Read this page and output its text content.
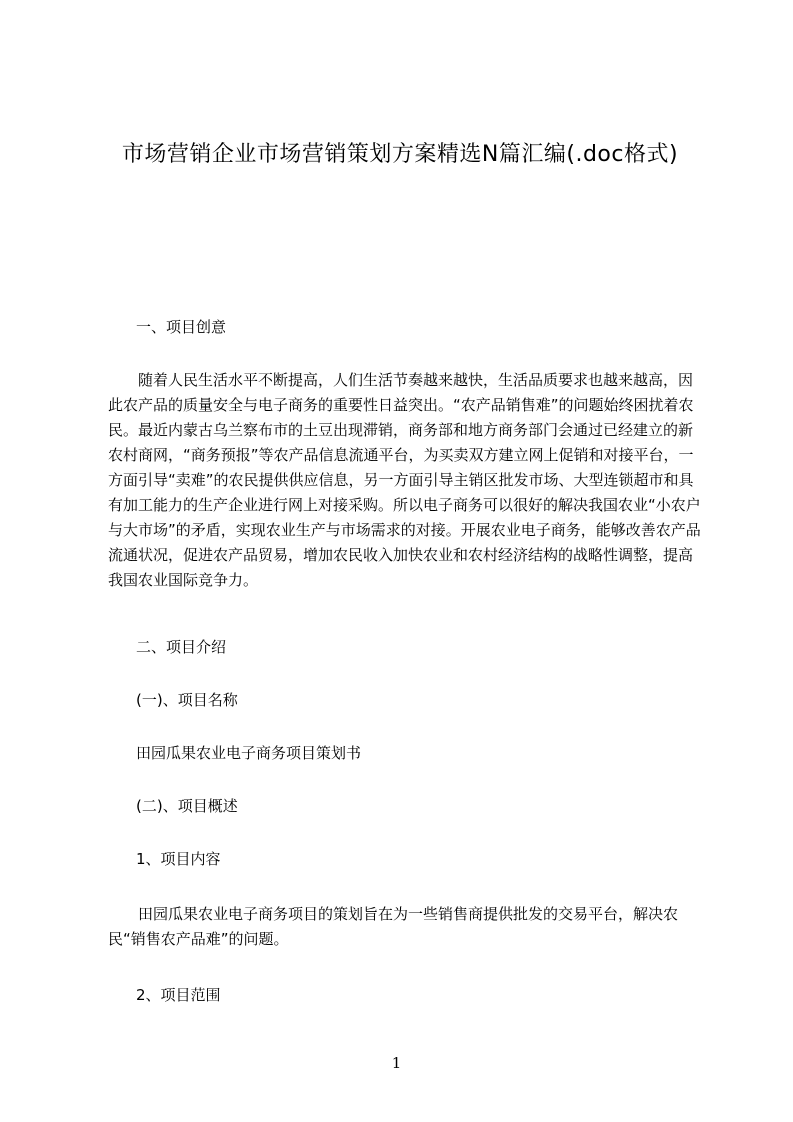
市场营销企业市场营销策划方案精选N篇汇编(.doc格式)

一、项目创意

随着人民生活水平不断提高，人们生活节奏越来越快，生活品质要求也越来越高，因此农产品的质量安全与电子商务的重要性日益突出。“农产品销售难”的问题始终困扰着农民。最近内蒙古乌兰察布市的土豆出现滞销，商务部和地方商务部门会通过已经建立的新农村商网，“商务预报”等农产品信息流通平台，为买卖双方建立网上促销和对接平台，一方面引导“卖难”的农民提供供应信息，另一方面引导主销区批发市场、大型连锁超市和具有加工能力的生产企业进行网上对接采购。所以电子商务可以很好的解决我国农业“小农户与大市场”的矛盾，实现农业生产与市场需求的对接。开展农业电子商务，能够改善农产品流通状况，促进农产品贸易，增加农民收入加快农业和农村经济结构的战略性调整，提高我国农业国际竞争力。

二、项目介绍

(一)、项目名称

田园瓜果农业电子商务项目策划书

(二)、项目概述

1、项目内容

田园瓜果农业电子商务项目的策划旨在为一些销售商提供批发的交易平台，解决农民“销售农产品难”的问题。

2、项目范围

1
